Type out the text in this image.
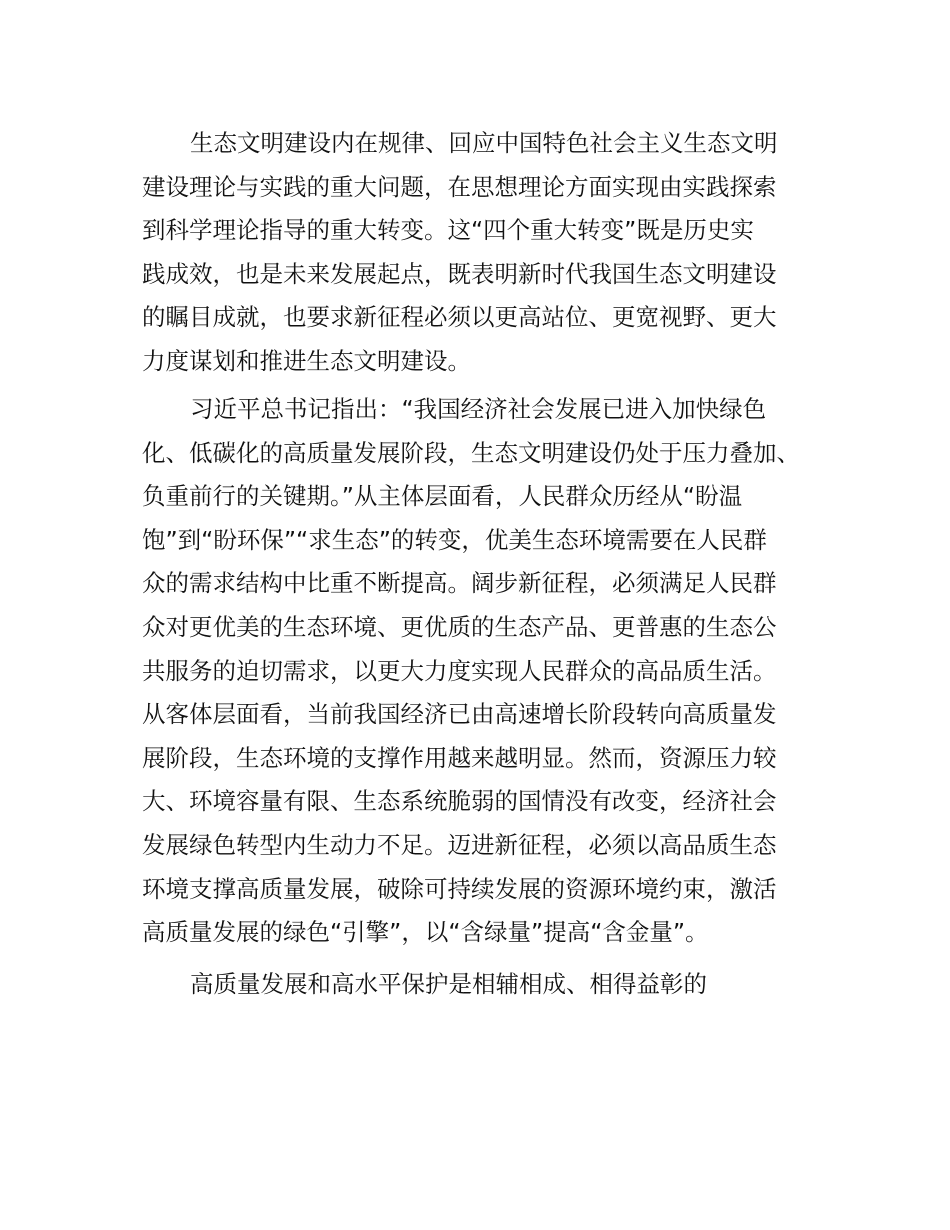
生态文明建设内在规律、回应中国特色社会主义生态文明
建设理论与实践的重大问题，在思想理论方面实现由实践探索
到科学理论指导的重大转变。这“四个重大转变”既是历史实
践成效，也是未来发展起点，既表明新时代我国生态文明建设
的瞩目成就，也要求新征程必须以更高站位、更宽视野、更大
力度谋划和推进生态文明建设。
习近平总书记指出：“我国经济社会发展已进入加快绿色
化、低碳化的高质量发展阶段，生态文明建设仍处于压力叠加、
负重前行的关键期。”从主体层面看，人民群众历经从“盼温
饱”到“盼环保”“求生态”的转变，优美生态环境需要在人民群
众的需求结构中比重不断提高。阔步新征程，必须满足人民群
众对更优美的生态环境、更优质的生态产品、更普惠的生态公
共服务的迫切需求，以更大力度实现人民群众的高品质生活。
从客体层面看，当前我国经济已由高速增长阶段转向高质量发
展阶段，生态环境的支撑作用越来越明显。然而，资源压力较
大、环境容量有限、生态系统脆弱的国情没有改变，经济社会
发展绿色转型内生动力不足。迈进新征程，必须以高品质生态
环境支撑高质量发展，破除可持续发展的资源环境约束，激活
高质量发展的绿色“引擎”，以“含绿量”提高“含金量”。
高质量发展和高水平保护是相辅相成、相得益彰的
